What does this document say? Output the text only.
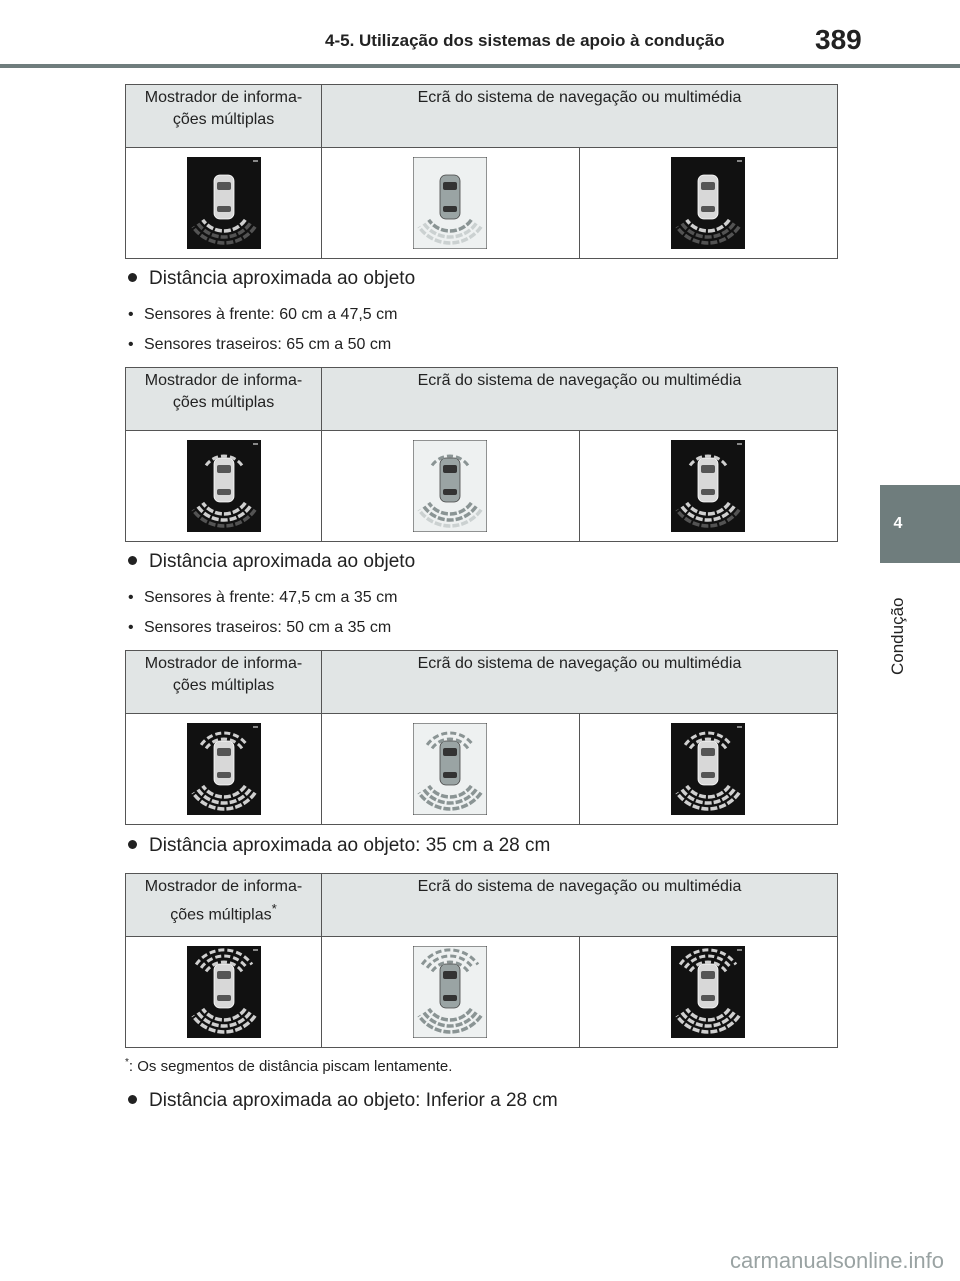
4-5. Utilização dos sistemas de apoio à condução	389
4
Condução
Mostrador de informa-
ções múltiplas	Ecrã do sistema de navegação ou multimédia	

Distância aproximada ao objeto
• Sensores à frente: 60 cm a 47,5 cm
• Sensores traseiros: 65 cm a 50 cm
Mostrador de informa-
ções múltiplas	Ecrã do sistema de navegação ou multimédia	

Distância aproximada ao objeto
• Sensores à frente: 47,5 cm a 35 cm
• Sensores traseiros: 50 cm a 35 cm
Mostrador de informa-
ções múltiplas	Ecrã do sistema de navegação ou multimédia	

Distância aproximada ao objeto: 35 cm a 28 cm
Mostrador de informa-
ções múltiplas*	Ecrã do sistema de navegação ou multimédia	

*: Os segmentos de distância piscam lentamente.
Distância aproximada ao objeto: Inferior a 28 cm
carmanualsonline.info
